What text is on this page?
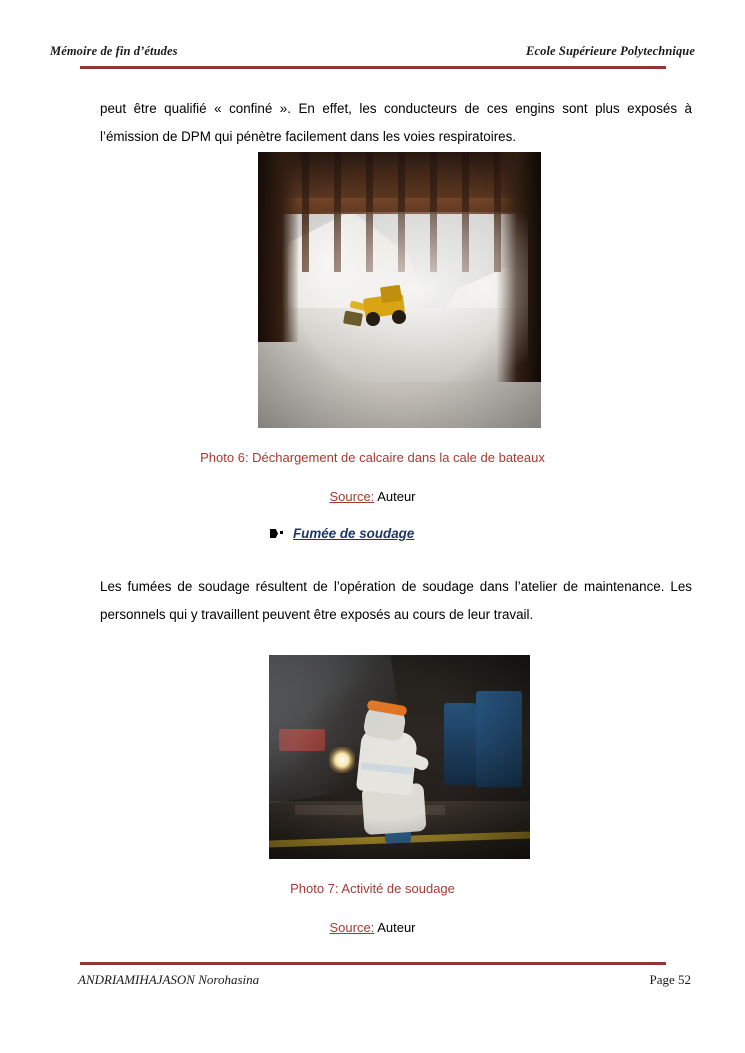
Mémoire de fin d’études	Ecole Supérieure Polytechnique

peut être qualifié « confiné ». En effet, les conducteurs de ces engins sont plus exposés à l’émission de DPM qui pénètre facilement dans les voies respiratoires.

Photo 6: Déchargement de calcaire dans la cale de bateaux
Source: Auteur
Fumée de soudage

Les fumées de soudage résultent de l’opération de soudage dans l’atelier de maintenance. Les personnels qui y travaillent peuvent être exposés au cours de leur travail.

Photo 7: Activité de soudage
Source: Auteur
ANDRIAMIHAJASON Norohasina	Page 52
